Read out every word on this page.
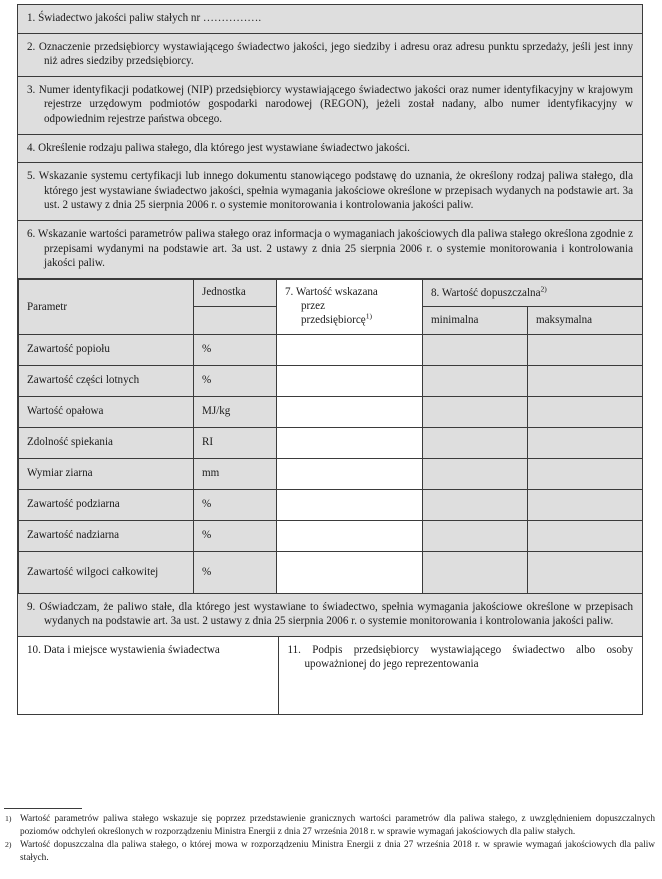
1. Świadectwo jakości paliw stałych nr …………….

2. Oznaczenie przedsiębiorcy wystawiającego świadectwo jakości, jego siedziby i adresu oraz adresu punktu sprzedaży, jeśli jest inny niż adres siedziby przedsiębiorcy.

3. Numer identyfikacji podatkowej (NIP) przedsiębiorcy wystawiającego świadectwo jakości oraz numer identyfikacyjny w krajowym rejestrze urzędowym podmiotów gospodarki narodowej (REGON), jeżeli został nadany, albo numer identyfikacyjny w odpowiednim rejestrze państwa obcego.

4. Określenie rodzaju paliwa stałego, dla którego jest wystawiane świadectwo jakości.

5. Wskazanie systemu certyfikacji lub innego dokumentu stanowiącego podstawę do uznania, że określony rodzaj paliwa stałego, dla którego jest wystawiane świadectwo jakości, spełnia wymagania jakościowe określone w przepisach wydanych na podstawie art. 3a ust. 2 ustawy z dnia 25 sierpnia 2006 r. o systemie monitorowania i kontrolowania jakości paliw.

6. Wskazanie wartości parametrów paliwa stałego oraz informacja o wymaganiach jakościowych dla paliwa stałego określona zgodnie z przepisami wydanymi na podstawie art. 3a ust. 2 ustawy z dnia 25 sierpnia 2006 r. o systemie monitorowania i kontrolowania jakości paliw.

Parametr	Jednostka	7. Wartość wskazana
przez
przedsiębiorcę$^{1)}$	8. Wartość dopuszczalna$^{2)}$
			minimalna	maksymalna
Zawartość popiołu	%			
Zawartość części lotnych	%			
Wartość opałowa	MJ/kg			
Zdolność spiekania	RI			
Wymiar ziarna	mm			
Zawartość podziarna	%			
Zawartość nadziarna	%			
Zawartość wilgoci całkowitej	%			

9. Oświadczam, że paliwo stałe, dla którego jest wystawiane to świadectwo, spełnia wymagania jakościowe określone w przepisach wydanych na podstawie art. 3a ust. 2 ustawy z dnia 25 sierpnia 2006 r. o systemie monitorowania i kontrolowania jakości paliw.

10. Data i miejsce wystawienia świadectwa	11. Podpis przedsiębiorcy wystawiającego świadectwo albo osoby upoważnionej do jego reprezentowania
1) Wartość parametrów paliwa stałego wskazuje się poprzez przedstawienie granicznych wartości parametrów dla paliwa stałego, z uwzględnieniem dopuszczalnych poziomów odchyleń określonych w rozporządzeniu Ministra Energii z dnia 27 września 2018 r. w sprawie wymagań jakościowych dla paliw stałych.
2) Wartość dopuszczalna dla paliwa stałego, o której mowa w rozporządzeniu Ministra Energii z dnia 27 września 2018 r. w sprawie wymagań jakościowych dla paliw stałych.
